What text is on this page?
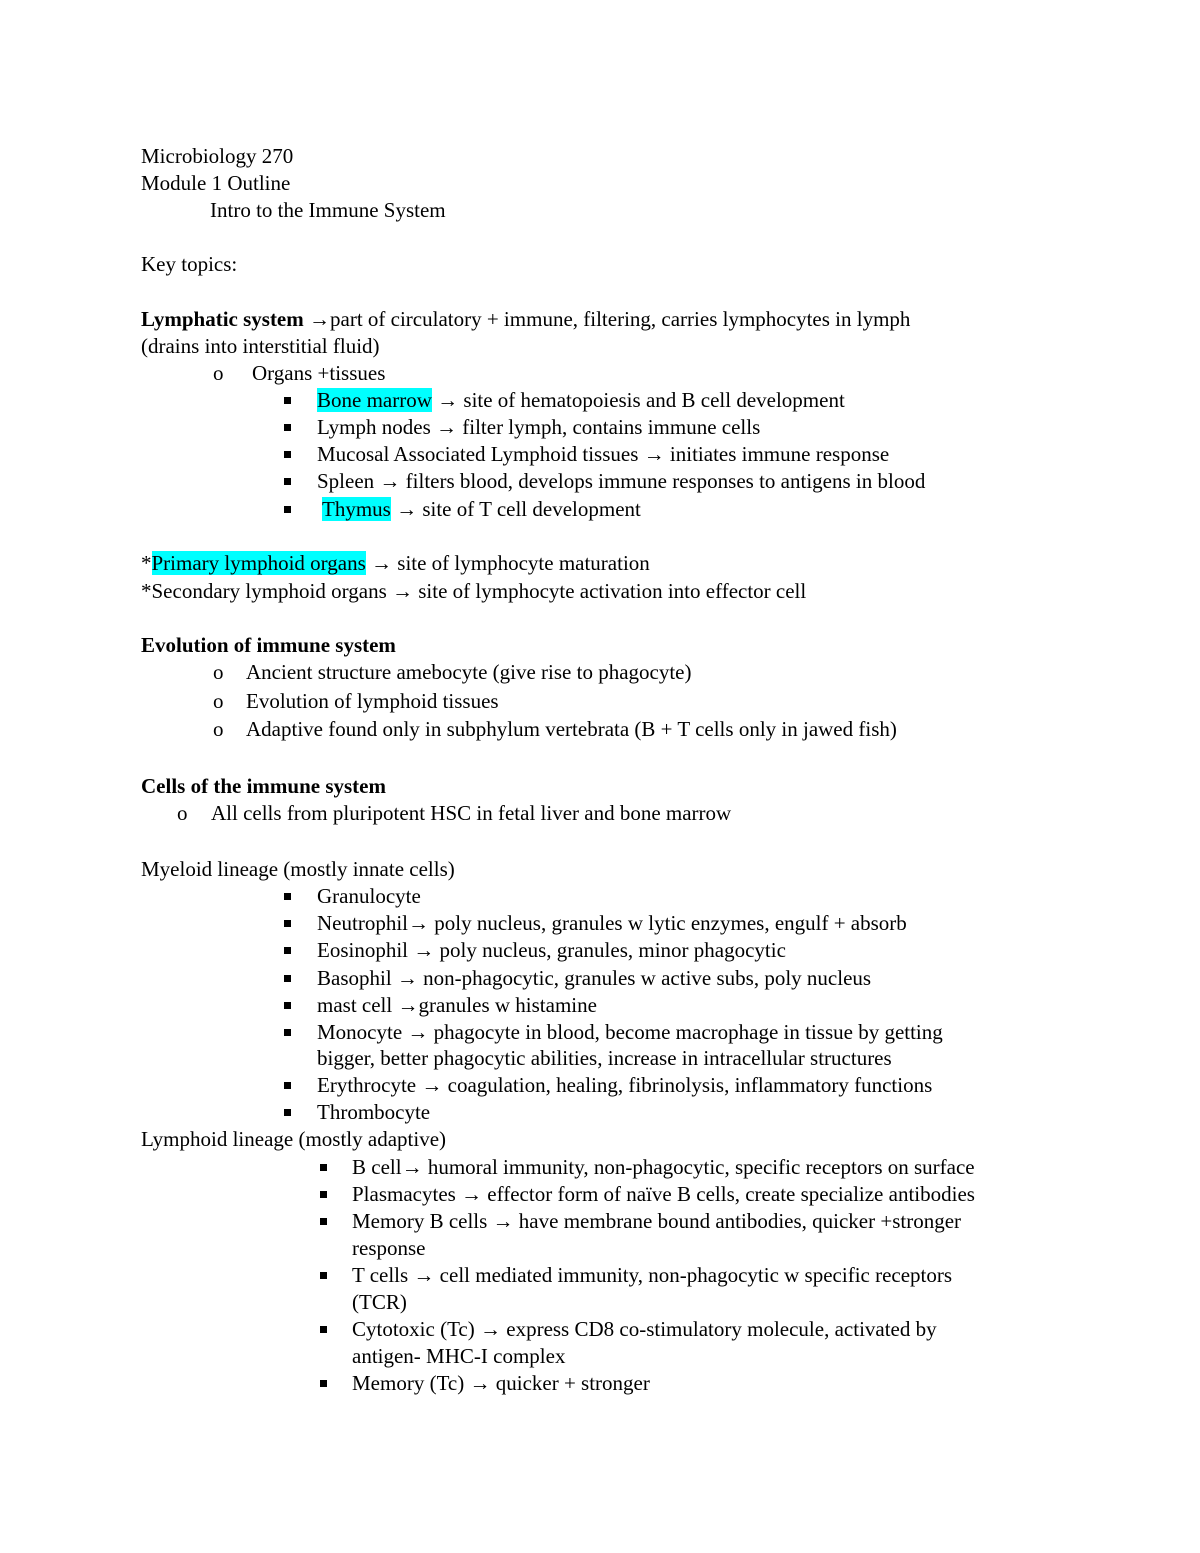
Microbiology 270
Module 1 Outline
Intro to the Immune System
Key topics:
Lymphatic system →part of circulatory + immune, filtering, carries lymphocytes in lymph
(drains into interstitial fluid)
o Organs +tissues
Bone marrow → site of hematopoiesis and B cell development
Lymph nodes → filter lymph, contains immune cells
Mucosal Associated Lymphoid tissues → initiates immune response
Spleen → filters blood, develops immune responses to antigens in blood
Thymus → site of T cell development
*Primary lymphoid organs → site of lymphocyte maturation
*Secondary lymphoid organs → site of lymphocyte activation into effector cell
Evolution of immune system
o Ancient structure amebocyte (give rise to phagocyte)
o Evolution of lymphoid tissues
o Adaptive found only in subphylum vertebrata (B + T cells only in jawed fish)
Cells of the immune system
o All cells from pluripotent HSC in fetal liver and bone marrow
Myeloid lineage (mostly innate cells)
Granulocyte
Neutrophil→ poly nucleus, granules w lytic enzymes, engulf + absorb
Eosinophil → poly nucleus, granules, minor phagocytic
Basophil → non-phagocytic, granules w active subs, poly nucleus
mast cell →granules w histamine
Monocyte → phagocyte in blood, become macrophage in tissue by getting
bigger, better phagocytic abilities, increase in intracellular structures
Erythrocyte → coagulation, healing, fibrinolysis, inflammatory functions
Thrombocyte
Lymphoid lineage (mostly adaptive)
B cell→ humoral immunity, non-phagocytic, specific receptors on surface
Plasmacytes → effector form of naïve B cells, create specialize antibodies
Memory B cells → have membrane bound antibodies, quicker +stronger
response
T cells → cell mediated immunity, non-phagocytic w specific receptors
(TCR)
Cytotoxic (Tc) → express CD8 co-stimulatory molecule, activated by
antigen- MHC-I complex
Memory (Tc) → quicker + stronger
